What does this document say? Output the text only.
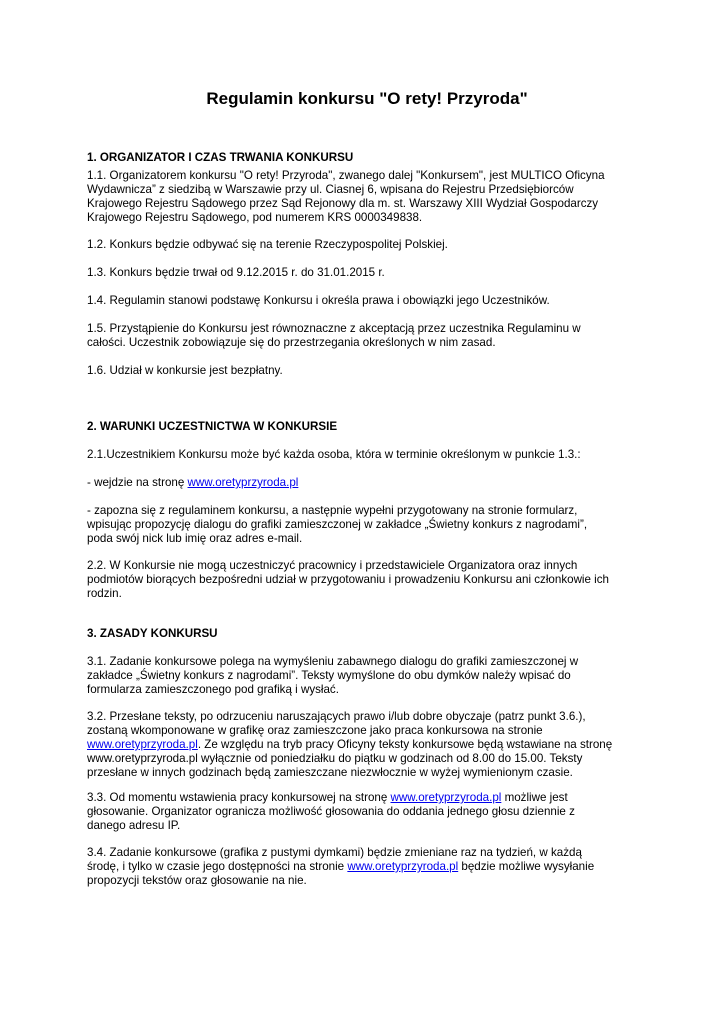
Regulamin konkursu "O rety! Przyroda"
1. ORGANIZATOR I CZAS TRWANIA KONKURSU
1.1. Organizatorem konkursu "O rety! Przyroda", zwanego dalej "Konkursem", jest MULTICO Oficyna
Wydawnicza” z siedzibą w Warszawie przy ul. Ciasnej 6, wpisana do Rejestru Przedsiębiorców
Krajowego Rejestru Sądowego przez Sąd Rejonowy dla m. st. Warszawy XIII Wydział Gospodarczy
Krajowego Rejestru Sądowego, pod numerem KRS 0000349838.
1.2. Konkurs będzie odbywać się na terenie Rzeczypospolitej Polskiej.
1.3. Konkurs będzie trwał od 9.12.2015 r. do 31.01.2015 r.
1.4. Regulamin stanowi podstawę Konkursu i określa prawa i obowiązki jego Uczestników.
1.5. Przystąpienie do Konkursu jest równoznaczne z akceptacją przez uczestnika Regulaminu w
całości. Uczestnik zobowiązuje się do przestrzegania określonych w nim zasad.
1.6. Udział w konkursie jest bezpłatny.
2. WARUNKI UCZESTNICTWA W KONKURSIE
2.1.Uczestnikiem Konkursu może być każda osoba, która w terminie określonym w punkcie 1.3.:
- wejdzie na stronę www.oretyprzyroda.pl
- zapozna się z regulaminem konkursu, a następnie wypełni przygotowany na stronie formularz,
wpisując propozycję dialogu do grafiki zamieszczonej w zakładce „Świetny konkurs z nagrodami”,
poda swój nick lub imię oraz adres e-mail.
2.2. W Konkursie nie mogą uczestniczyć pracownicy i przedstawiciele Organizatora oraz innych
podmiotów biorących bezpośredni udział w przygotowaniu i prowadzeniu Konkursu ani członkowie ich
rodzin.
3. ZASADY KONKURSU
3.1. Zadanie konkursowe polega na wymyśleniu zabawnego dialogu do grafiki zamieszczonej w
zakładce „Świetny konkurs z nagrodami”. Teksty wymyślone do obu dymków należy wpisać do
formularza zamieszczonego pod grafiką i wysłać.
3.2. Przesłane teksty, po odrzuceniu naruszających prawo i/lub dobre obyczaje (patrz punkt 3.6.),
zostaną wkomponowane w grafikę oraz zamieszczone jako praca konkursowa na stronie
www.oretyprzyroda.pl. Ze względu na tryb pracy Oficyny teksty konkursowe będą wstawiane na stronę
www.oretyprzyroda.pl wyłącznie od poniedziałku do piątku w godzinach od 8.00 do 15.00. Teksty
przesłane w innych godzinach będą zamieszczane niezwłocznie w wyżej wymienionym czasie.
3.3. Od momentu wstawienia pracy konkursowej na stronę www.oretyprzyroda.pl możliwe jest
głosowanie. Organizator ogranicza możliwość głosowania do oddania jednego głosu dziennie z
danego adresu IP.
3.4. Zadanie konkursowe (grafika z pustymi dymkami) będzie zmieniane raz na tydzień, w każdą
środę, i tylko w czasie jego dostępności na stronie www.oretyprzyroda.pl będzie możliwe wysyłanie
propozycji tekstów oraz głosowanie na nie.
